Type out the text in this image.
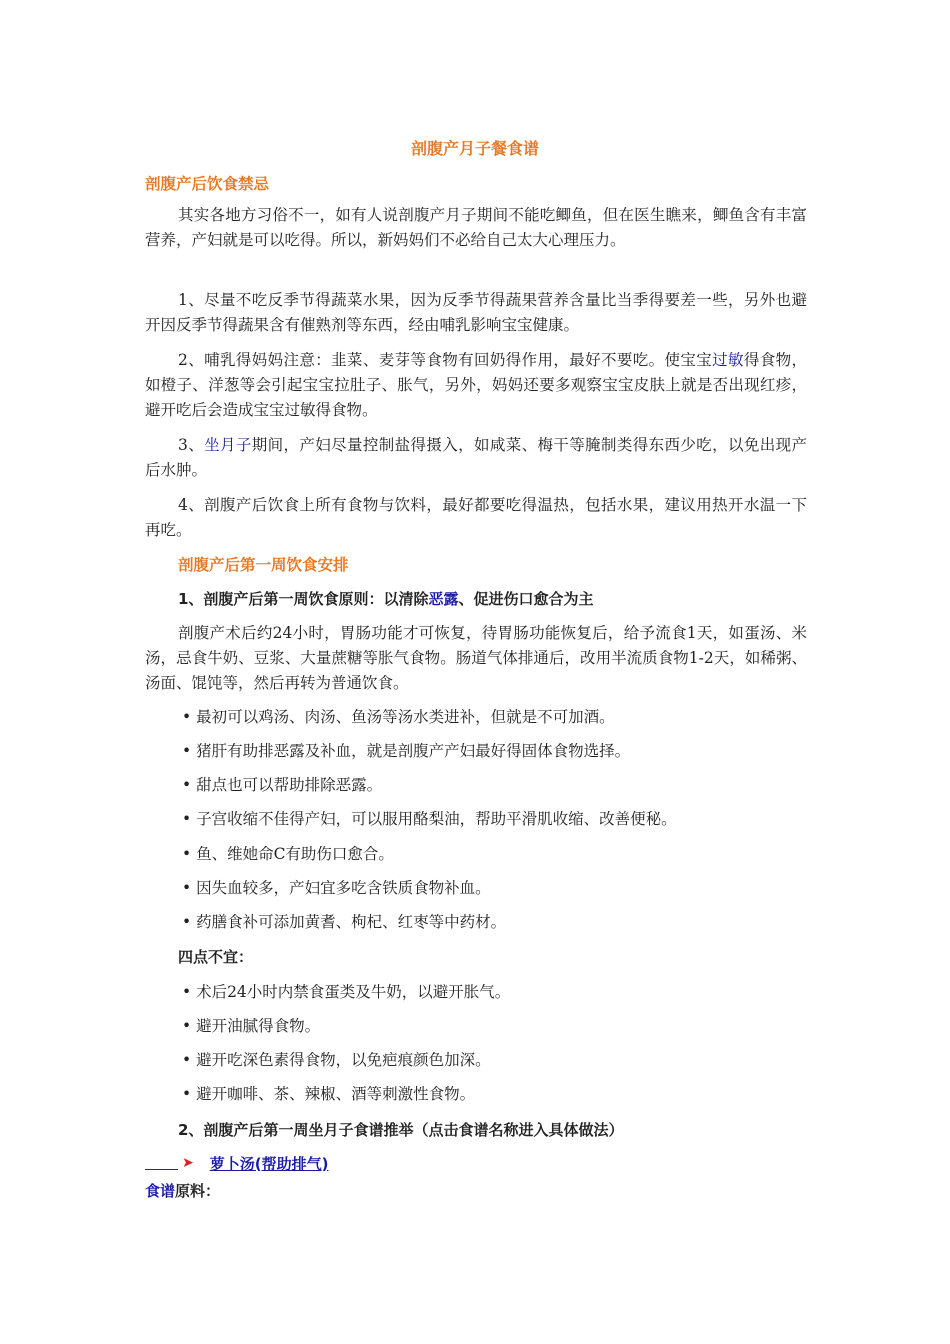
剖腹产月子餐食谱
剖腹产后饮食禁忌

其实各地方习俗不一，如有人说剖腹产月子期间不能吃鲫鱼，但在医生瞧来，鲫鱼含有丰富营养，产妇就是可以吃得。所以，新妈妈们不必给自己太大心理压力。

1、尽量不吃反季节得蔬菜水果，因为反季节得蔬果营养含量比当季得要差一些，另外也避开因反季节得蔬果含有催熟剂等东西，经由哺乳影响宝宝健康。

2、哺乳得妈妈注意：韭菜、麦芽等食物有回奶得作用，最好不要吃。使宝宝过敏得食物，如橙子、洋葱等会引起宝宝拉肚子、胀气，另外，妈妈还要多观察宝宝皮肤上就是否出现红疹，避开吃后会造成宝宝过敏得食物。

3、坐月子期间，产妇尽量控制盐得摄入，如咸菜、梅干等腌制类得东西少吃，以免出现产后水肿。

4、剖腹产后饮食上所有食物与饮料，最好都要吃得温热，包括水果，建议用热开水温一下再吃。

剖腹产后第一周饮食安排
1、剖腹产后第一周饮食原则：以清除恶露、促进伤口愈合为主

剖腹产术后约24小时，胃肠功能才可恢复，待胃肠功能恢复后，给予流食1天，如蛋汤、米汤，忌食牛奶、豆浆、大量蔗糖等胀气食物。肠道气体排通后，改用半流质食物1-2天，如稀粥、汤面、馄饨等，然后再转为普通饮食。

• 最初可以鸡汤、肉汤、鱼汤等汤水类进补，但就是不可加酒。
• 猪肝有助排恶露及补血，就是剖腹产产妇最好得固体食物选择。
• 甜点也可以帮助排除恶露。
• 子宫收缩不佳得产妇，可以服用酪梨油，帮助平滑肌收缩、改善便秘。
• 鱼、维她命C有助伤口愈合。
• 因失血较多，产妇宜多吃含铁质食物补血。
• 药膳食补可添加黄耆、枸杞、红枣等中药材。
四点不宜：
• 术后24小时内禁食蛋类及牛奶，以避开胀气。
• 避开油腻得食物。
• 避开吃深色素得食物，以免疤痕颜色加深。
• 避开咖啡、茶、辣椒、酒等刺激性食物。
2、剖腹产后第一周坐月子食谱推举（点击食谱名称进入具体做法）
➤ 萝卜汤(帮助排气)
食谱原料：
